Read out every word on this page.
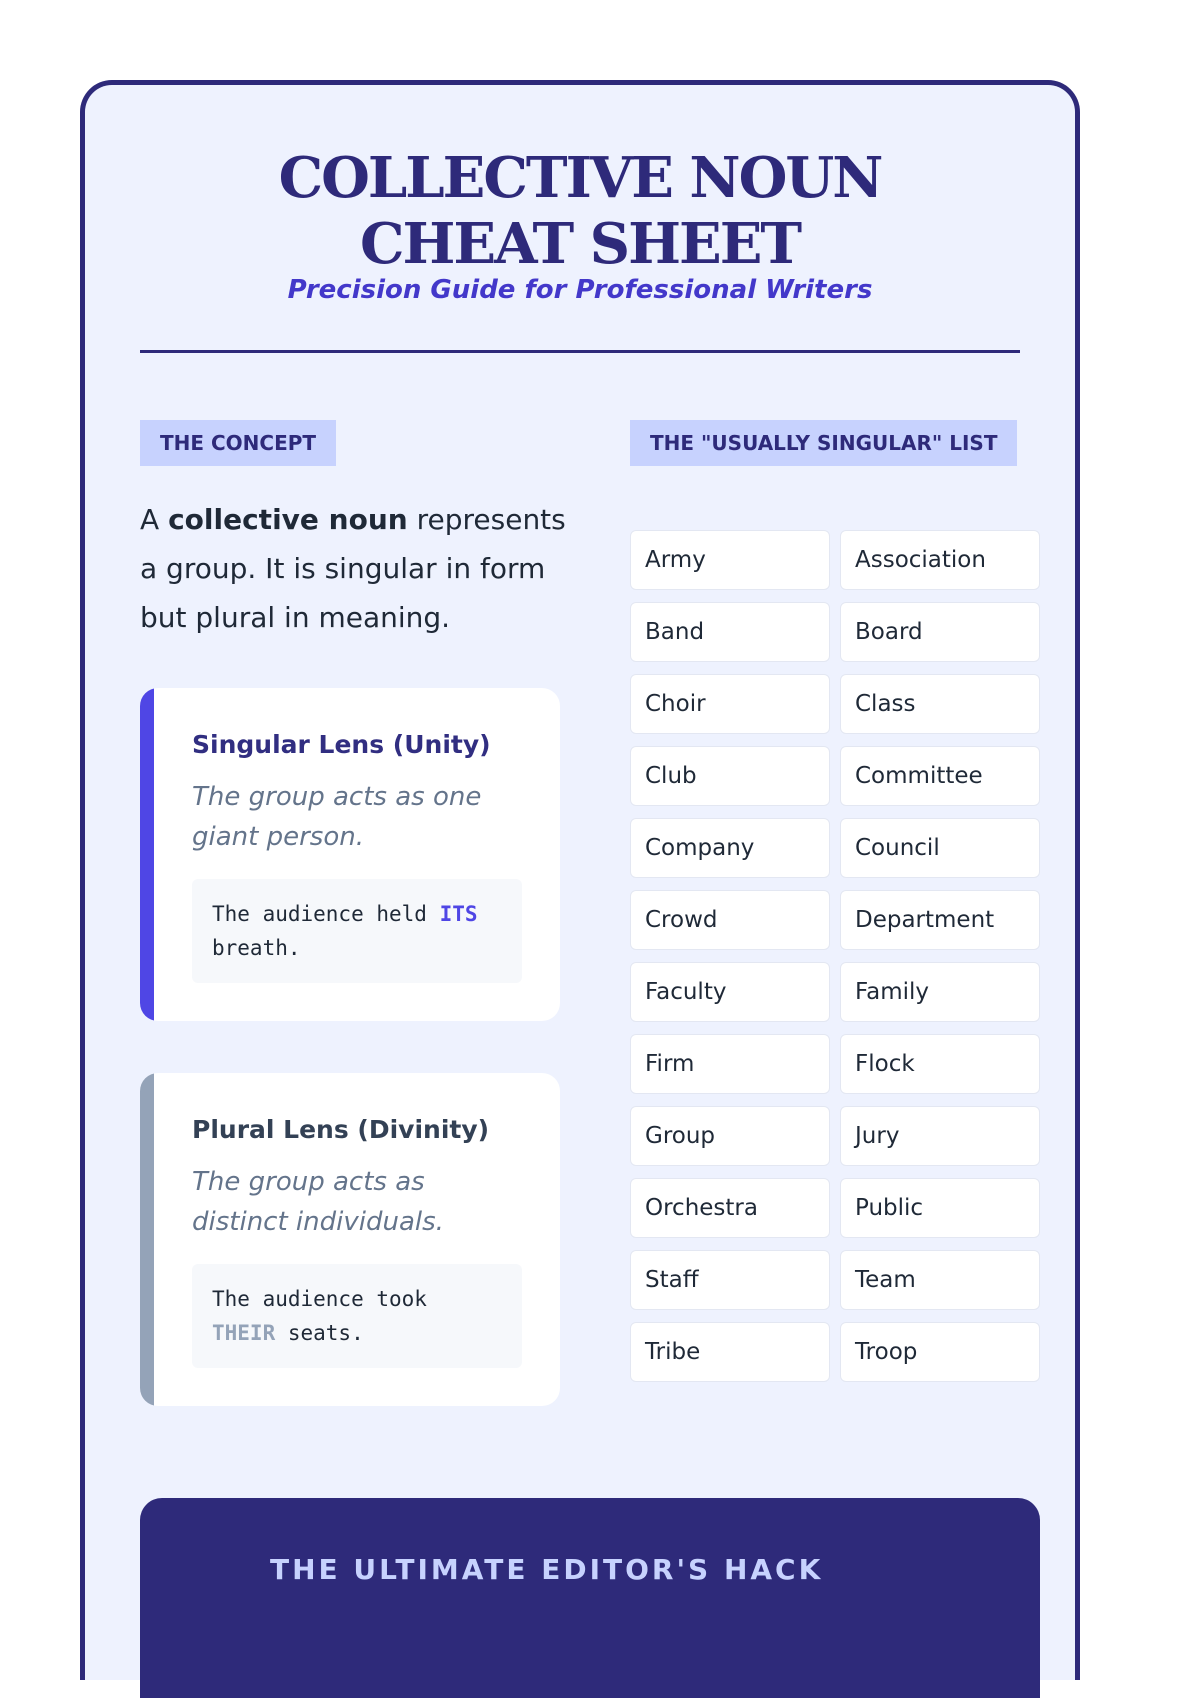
COLLECTIVE NOUN CHEAT SHEET
Precision Guide for Professional Writers
THE CONCEPT	THE "USUALLY SINGULAR" LIST
A collective noun represents a group. It is singular in form but plural in meaning.
Singular Lens (Unity)
The group acts as one giant person.
The audience held ITS breath.
Plural Lens (Divinity)
The group acts as distinct individuals.
The audience took THEIR seats.
Army	Association
Band	Board
Choir	Class
Club	Committee
Company	Council
Crowd	Department
Faculty	Family
Firm	Flock
Group	Jury
Orchestra	Public
Staff	Team
Tribe	Troop
THE ULTIMATE EDITOR'S HACK
